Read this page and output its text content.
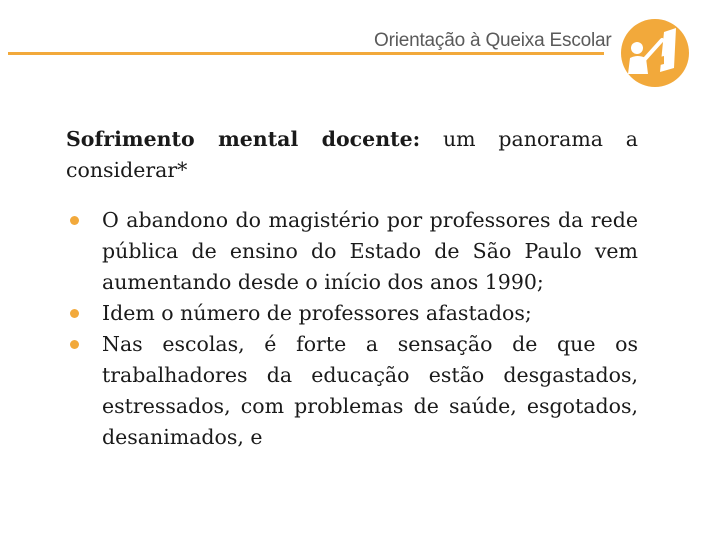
Orientação à Queixa Escolar
Sofrimento mental docente: um panorama a
considerar*
O abandono do magistério por professores da rede pública de ensino do Estado de São Paulo vem aumentando desde o início dos anos 1990;
Idem o número de professores afastados;
Nas escolas, é forte a sensação de que os trabalhadores da educação estão desgastados, estressados, com problemas de saúde, esgotados, desanimados, e
